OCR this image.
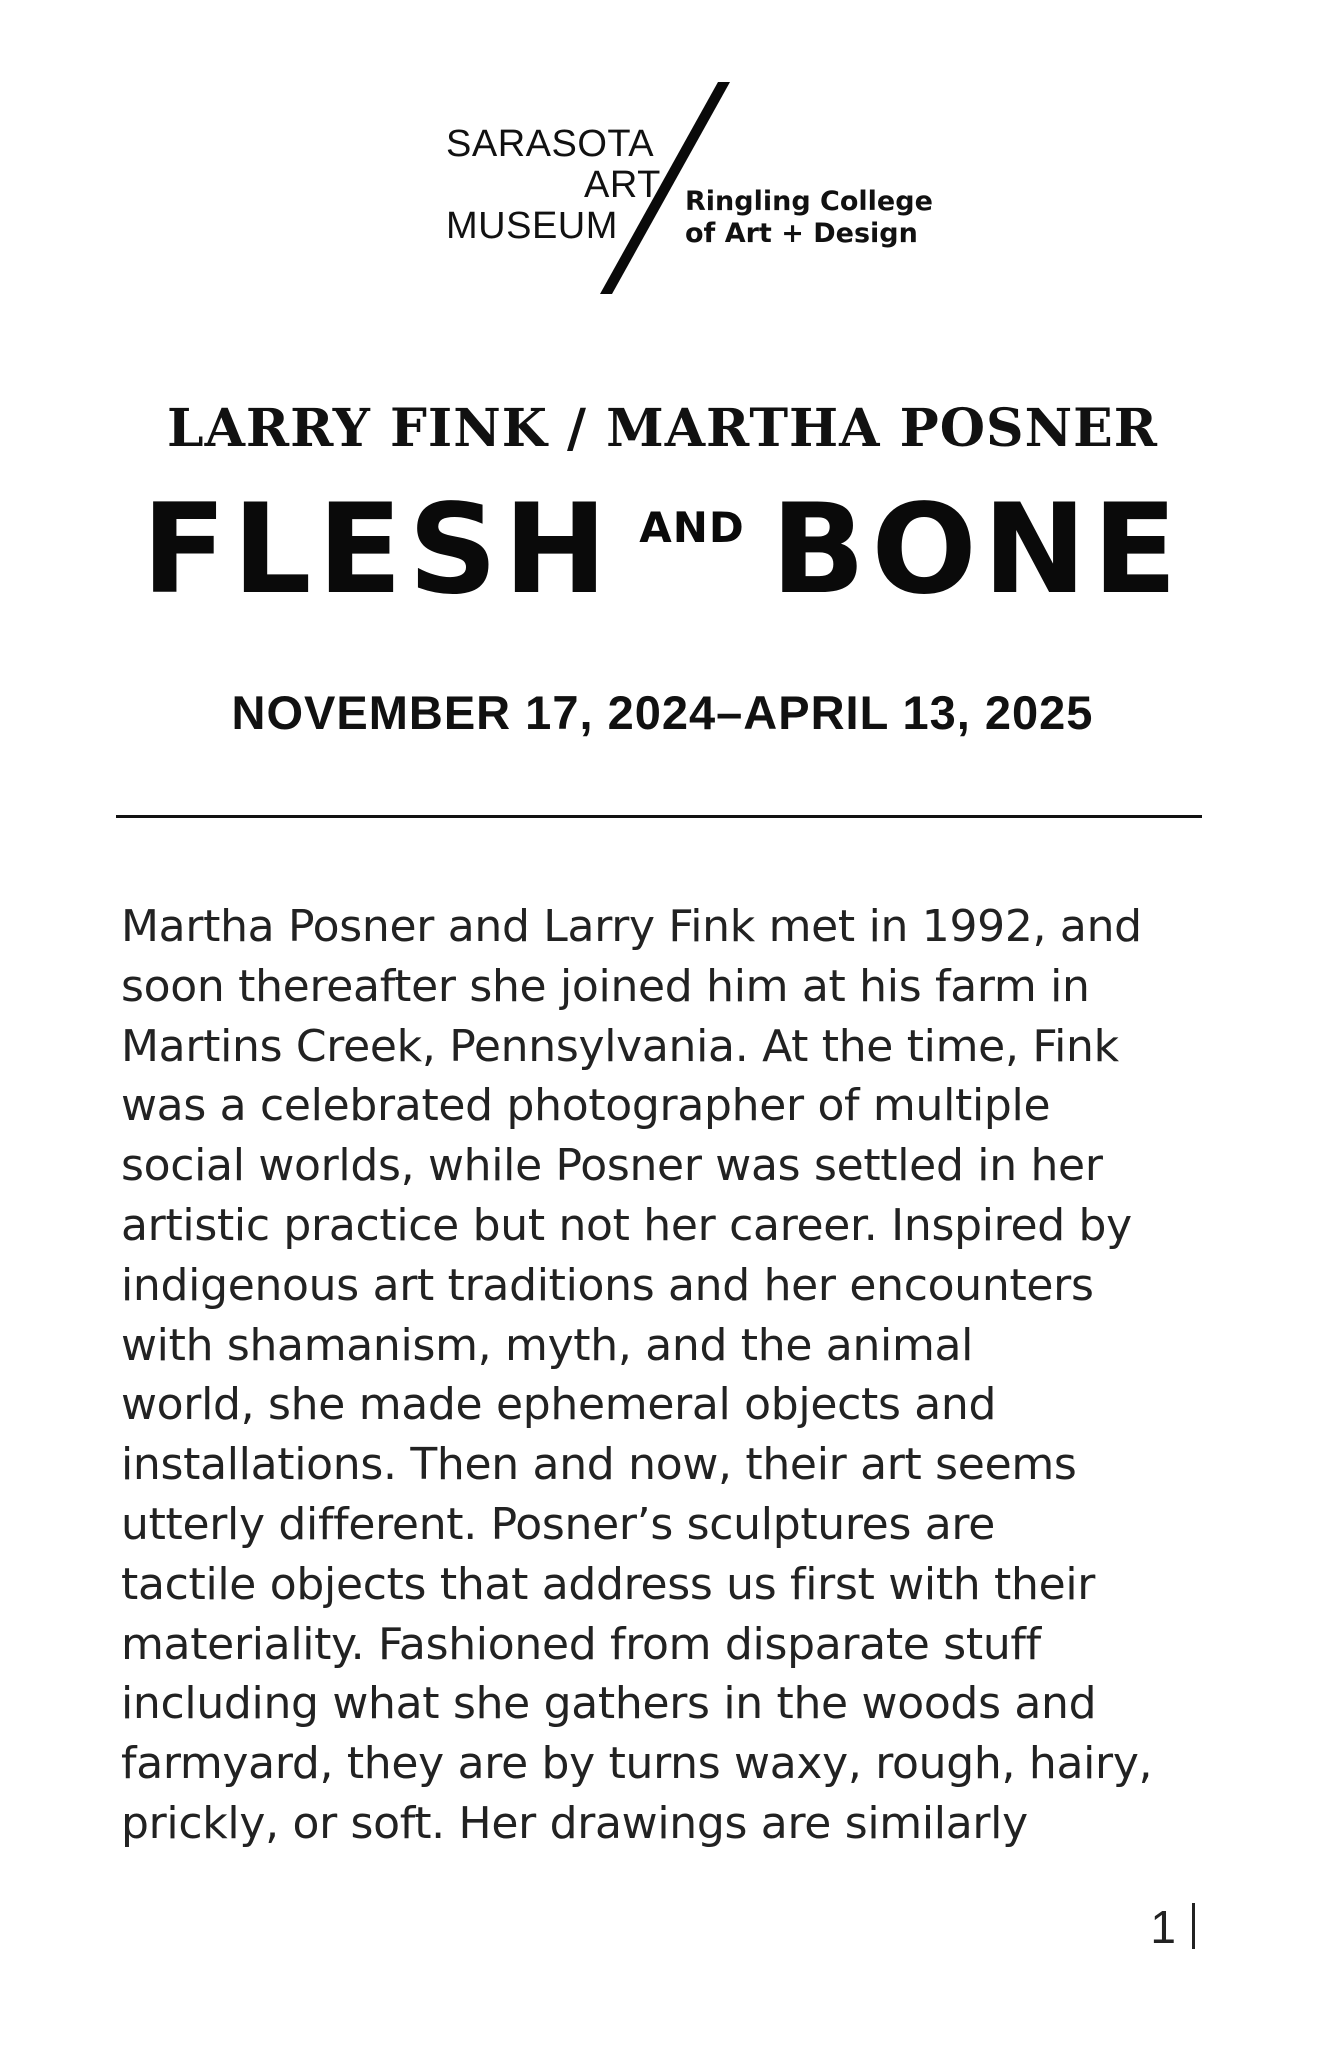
SARASOTA
ART
MUSEUM
Ringling College
of Art + Design
LARRY FINK / MARTHA POSNER
FLESH AND BONE
NOVEMBER 17, 2024–APRIL 13, 2025
Martha Posner and Larry Fink met in 1992, and
soon thereafter she joined him at his farm in
Martins Creek, Pennsylvania. At the time, Fink
was a celebrated photographer of multiple
social worlds, while Posner was settled in her
artistic practice but not her career. Inspired by
indigenous art traditions and her encounters
with shamanism, myth, and the animal
world, she made ephemeral objects and
installations. Then and now, their art seems
utterly different. Posner’s sculptures are
tactile objects that address us first with their
materiality. Fashioned from disparate stuff
including what she gathers in the woods and
farmyard, they are by turns waxy, rough, hairy,
prickly, or soft. Her drawings are similarly
1
